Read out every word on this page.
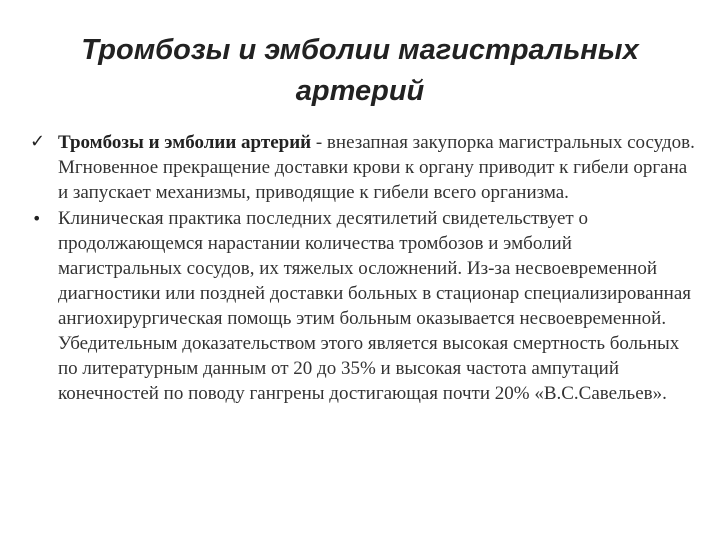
Тромбозы и эмболии магистральных артерий
✓ Тромбозы и эмболии артерий - внезапная закупорка магистральных сосудов. Мгновенное прекращение доставки крови к органу приводит к гибели органа и запускает механизмы, приводящие к гибели всего организма.
• Клиническая практика последних десятилетий свидетельствует о продолжающемся нарастании количества тромбозов и эмболий магистральных сосудов, их тяжелых осложнений. Из-за несвоевременной диагностики или поздней доставки больных в стационар специализированная ангиохирургическая помощь этим больным оказывается несвоевременной. Убедительным доказательством этого является высокая смертность больных по литературным данным от 20 до 35% и высокая частота ампутаций конечностей по поводу гангрены достигающая почти 20% «В.С.Савельев».
